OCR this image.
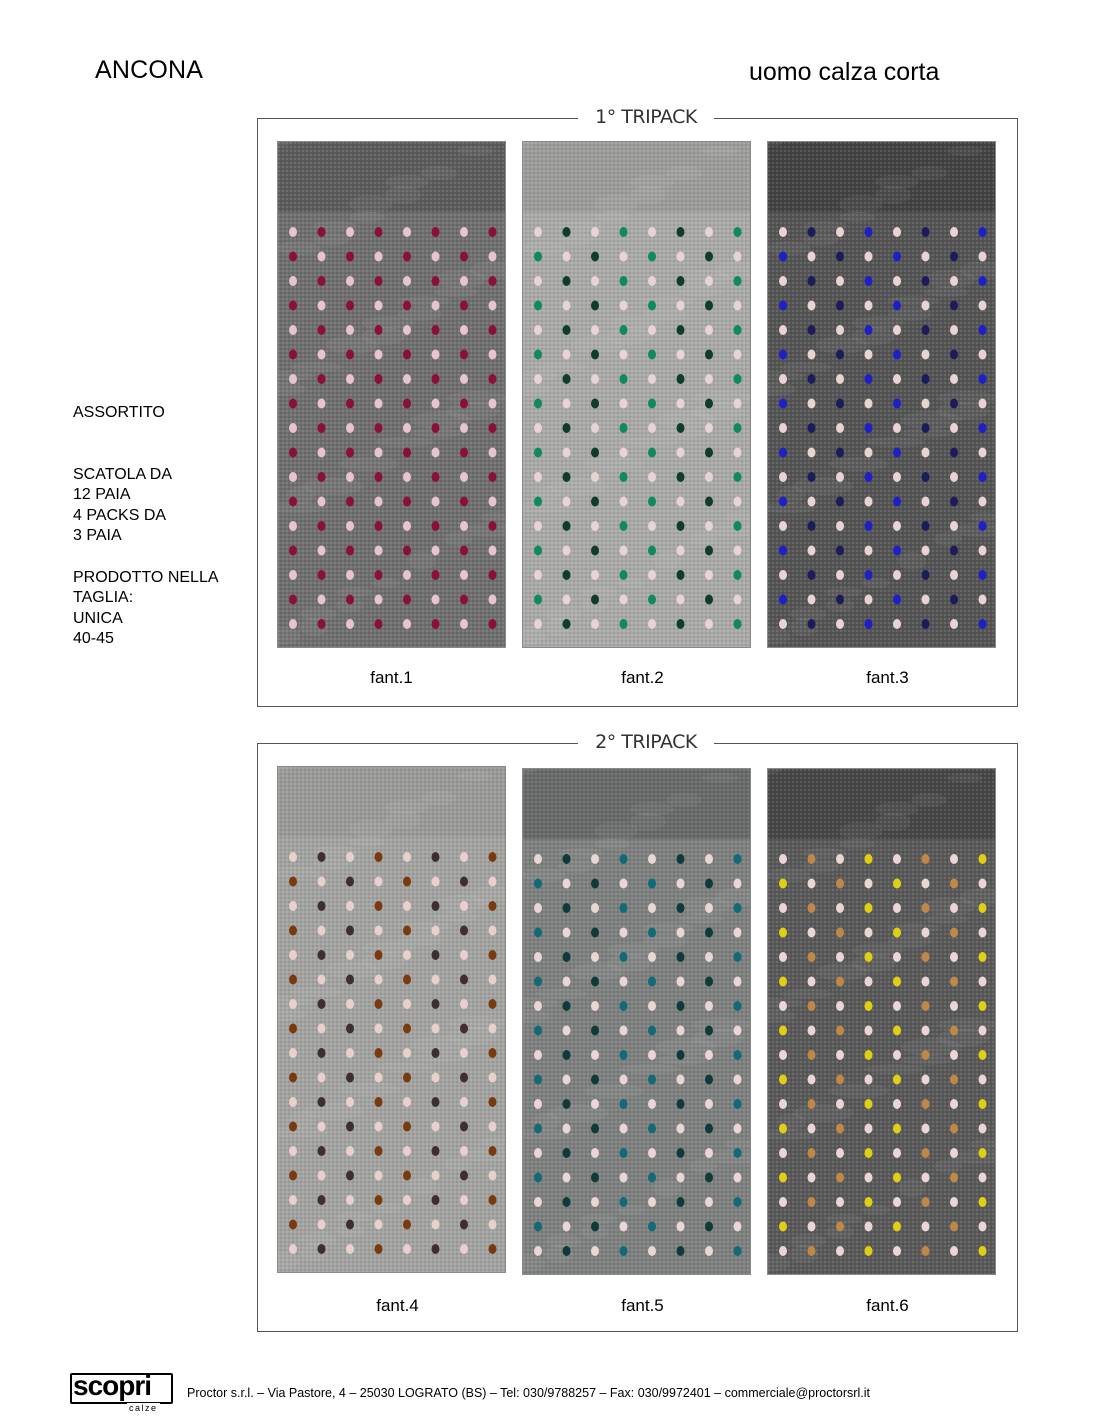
ANCONA	uomo calza corta
ASSORTITO
SCATOLA DA
12 PAIA
4 PACKS DA
3 PAIA
PRODOTTO NELLA
TAGLIA:
UNICA
40-45
1° TRIPACK
fant.1	fant.2	fant.3
2° TRIPACK
fant.4	fant.5	fant.6
scopri
calze
Proctor s.r.l. – Via Pastore, 4 – 25030 LOGRATO (BS) – Tel: 030/9788257 – Fax: 030/9972401 – commerciale@proctorsrl.it
